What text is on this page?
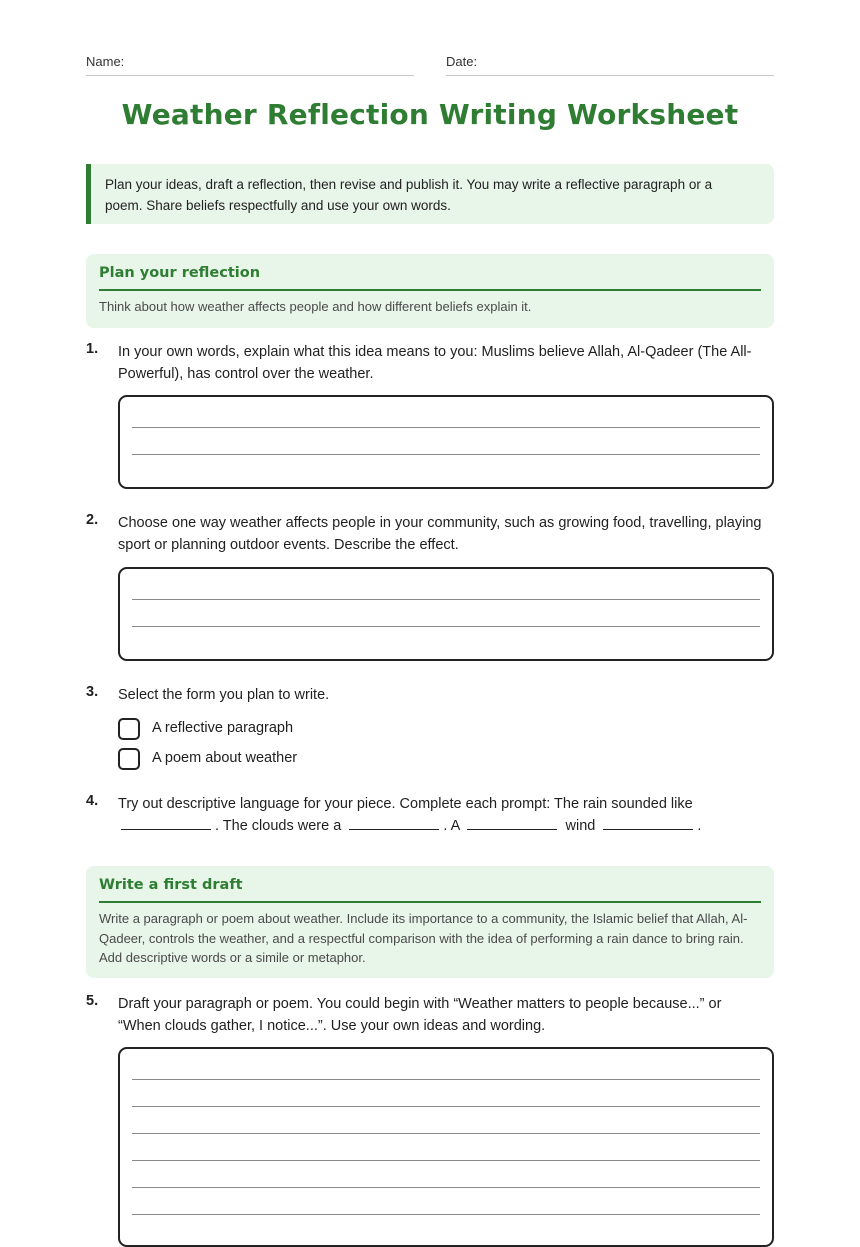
Name:	Date:
Weather Reflection Writing Worksheet
Plan your ideas, draft a reflection, then revise and publish it. You may write a reflective paragraph or a poem. Share beliefs respectfully and use your own words.
Plan your reflection
Think about how weather affects people and how different beliefs explain it.
1. In your own words, explain what this idea means to you: Muslims believe Allah, Al-Qadeer (The All-Powerful), has control over the weather.
2. Choose one way weather affects people in your community, such as growing food, travelling, playing sport or planning outdoor events. Describe the effect.
3. Select the form you plan to write.
A reflective paragraph
A poem about weather
4. Try out descriptive language for your piece. Complete each prompt: The rain sounded like
. The clouds were a	. A	wind	.
Write a first draft
Write a paragraph or poem about weather. Include its importance to a community, the Islamic belief that Allah, Al-Qadeer, controls the weather, and a respectful comparison with the idea of performing a rain dance to bring rain. Add descriptive words or a simile or metaphor.
5. Draft your paragraph or poem. You could begin with “Weather matters to people because...” or “When clouds gather, I notice...”. Use your own ideas and wording.
